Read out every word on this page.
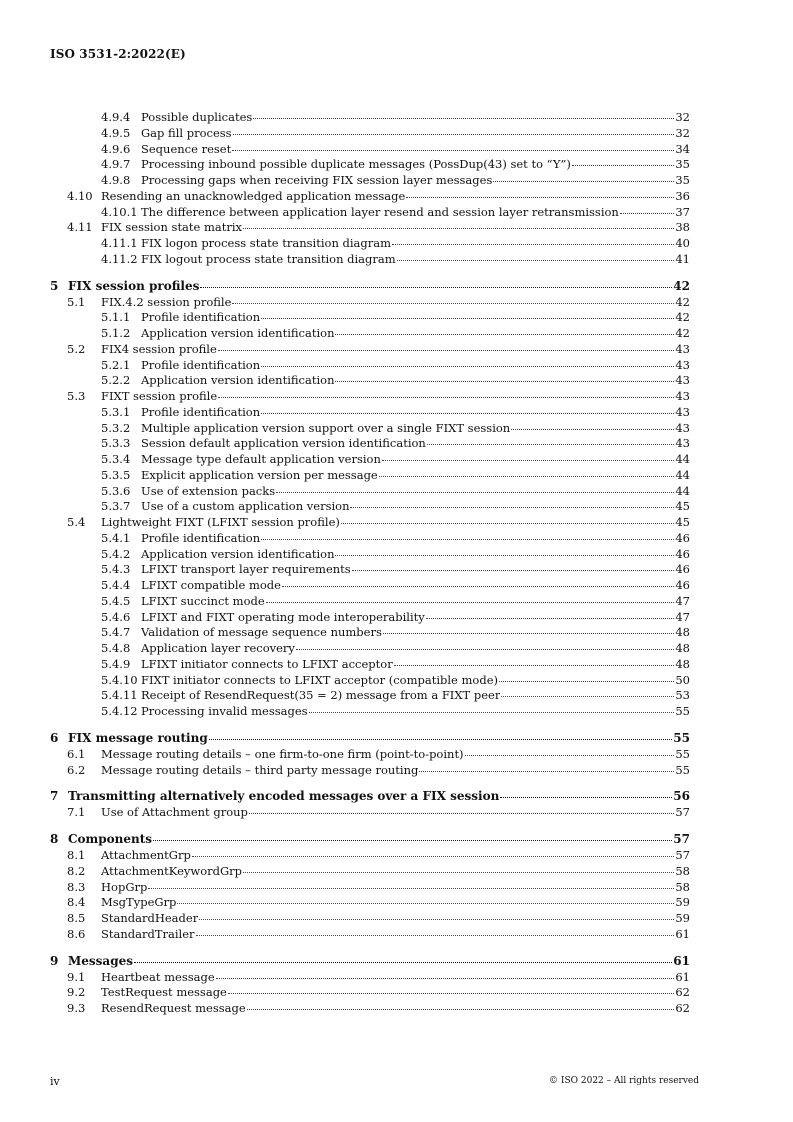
ISO 3531-2:2022(E)
4.9.4 Possible duplicates	32
4.9.5 Gap fill process	32
4.9.6 Sequence reset	34
4.9.7 Processing inbound possible duplicate messages (PossDup(43) set to “Y”)	35
4.9.8 Processing gaps when receiving FIX session layer messages	35
4.10 Resending an unacknowledged application message	36
4.10.1 The difference between application layer resend and session layer retransmission	37
4.11 FIX session state matrix	38
4.11.1 FIX logon process state transition diagram	40
4.11.2 FIX logout process state transition diagram	41
5 FIX session profiles	42
5.1	FIX.4.2 session profile	42
5.1.1 Profile identification	42
5.1.2 Application version identification	42
5.2	FIX4 session profile	43
5.2.1 Profile identification	43
5.2.2 Application version identification	43
5.3	FIXT session profile	43
5.3.1 Profile identification	43
5.3.2 Multiple application version support over a single FIXT session	43
5.3.3 Session default application version identification	43
5.3.4 Message type default application version	44
5.3.5 Explicit application version per message	44
5.3.6 Use of extension packs	44
5.3.7 Use of a custom application version	45
5.4	Lightweight FIXT (LFIXT session profile)	45
5.4.1 Profile identification	46
5.4.2 Application version identification	46
5.4.3 LFIXT transport layer requirements	46
5.4.4 LFIXT compatible mode	46
5.4.5 LFIXT succinct mode	47
5.4.6 LFIXT and FIXT operating mode interoperability	47
5.4.7 Validation of message sequence numbers	48
5.4.8 Application layer recovery	48
5.4.9 LFIXT initiator connects to LFIXT acceptor	48
5.4.10 FIXT initiator connects to LFIXT acceptor (compatible mode)	50
5.4.11 Receipt of ResendRequest(35 = 2) message from a FIXT peer	53
5.4.12 Processing invalid messages	55
6 FIX message routing	55
6.1	Message routing details – one firm-to-one firm (point-to-point)	55
6.2	Message routing details – third party message routing	55
7 Transmitting alternatively encoded messages over a FIX session	56
7.1	Use of Attachment group	57
8 Components	57
8.1	AttachmentGrp	57
8.2	AttachmentKeywordGrp	58
8.3	HopGrp	58
8.4	MsgTypeGrp	59
8.5	StandardHeader	59
8.6	StandardTrailer	61
9 Messages	61
9.1	Heartbeat message	61
9.2	TestRequest message	62
9.3	ResendRequest message	62
iv	© ISO 2022 – All rights reserved
